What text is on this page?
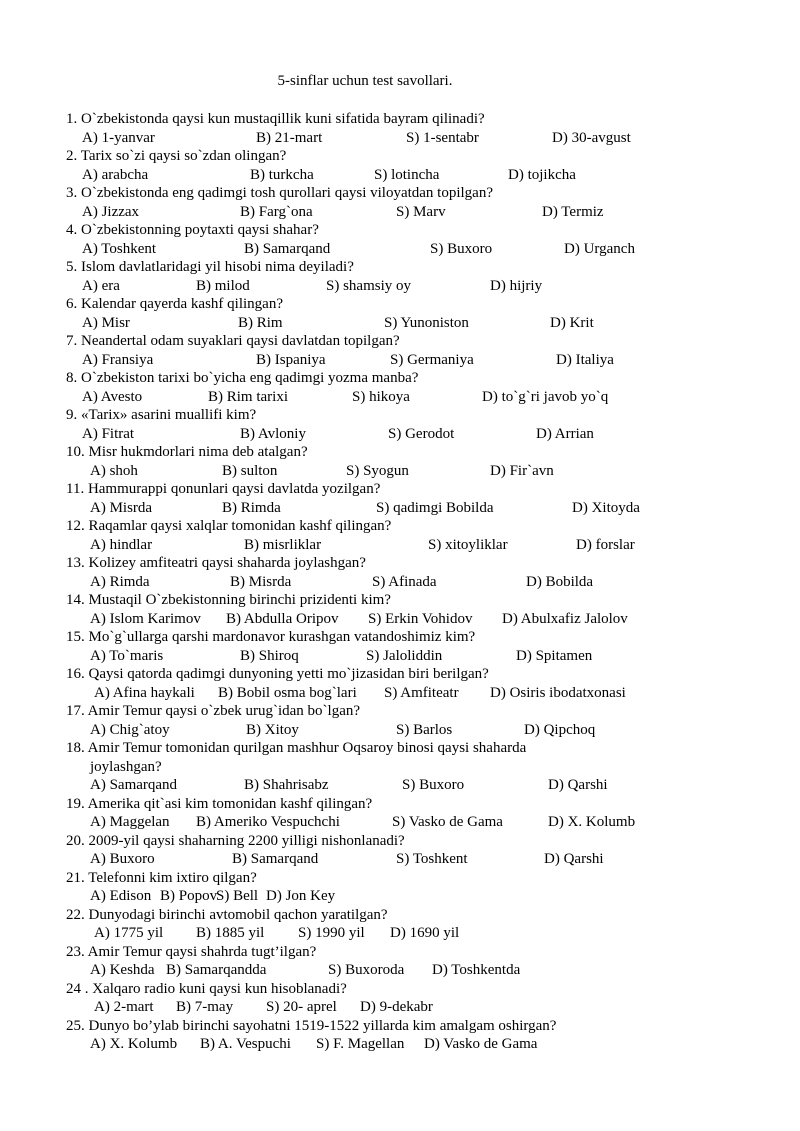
5-sinflar uchun test savollari.
1. O`zbekistonda qaysi kun mustaqillik kuni sifatida bayram qilinadi?
A) 1-yanvar	B) 21-mart	S) 1-sentabr	D) 30-avgust
2. Tarix so`zi qaysi so`zdan olingan?
A) arabcha	B) turkcha	S) lotincha	D) tojikcha
3. O`zbekistonda eng qadimgi tosh qurollari qaysi viloyatdan topilgan?
A) Jizzax	B) Farg`ona	S) Marv	D) Termiz
4. O`zbekistonning poytaxti qaysi shahar?
A) Toshkent	B) Samarqand	S) Buxoro	D) Urganch
5. Islom davlatlaridagi yil hisobi nima deyiladi?
A) era	B) milod	S) shamsiy oy	D) hijriy
6. Kalendar qayerda kashf qilingan?
A) Misr	B) Rim	S) Yunoniston	D) Krit
7. Neandertal odam suyaklari qaysi davlatdan topilgan?
A) Fransiya	B) Ispaniya	S) Germaniya	D) Italiya
8. O`zbekiston tarixi bo`yicha eng qadimgi yozma manba?
A) Avesto	B) Rim tarixi	S) hikoya	D) to`g`ri javob yo`q
9. «Tarix» asarini muallifi kim?
A) Fitrat	B) Avloniy	S) Gerodot	D) Arrian
10. Misr hukmdorlari nima deb atalgan?
A) shoh	B) sulton	S) Syogun	D) Fir`avn
11. Hammurappi qonunlari qaysi davlatda yozilgan?
A) Misrda	B) Rimda	S) qadimgi Bobilda	D) Xitoyda
12. Raqamlar qaysi xalqlar tomonidan kashf qilingan?
A) hindlar	B) misrliklar	S) xitoyliklar	D) forslar
13. Kolizey amfiteatri qaysi shaharda joylashgan?
A) Rimda	B) Misrda	S) Afinada	D) Bobilda
14. Mustaqil O`zbekistonning birinchi prizidenti kim?
A) Islom Karimov B) Abdulla Oripov S) Erkin Vohidov D) Abulxafiz Jalolov
15. Mo`g`ullarga qarshi mardonavor kurashgan vatandoshimiz kim?
A) To`maris	B) Shiroq	S) Jaloliddin	D) Spitamen
16. Qaysi qatorda qadimgi dunyoning yetti mo`jizasidan biri berilgan?
A) Afina haykali B) Bobil osma bog`lari S) Amfiteatr D) Osiris ibodatxonasi
17. Amir Temur qaysi o`zbek urug`idan bo`lgan?
A) Chig`atoy	B) Xitoy	S) Barlos	D) Qipchoq
18. Amir Temur tomonidan qurilgan mashhur Oqsaroy binosi qaysi shaharda
joylashgan?
A) Samarqand	B) Shahrisabz	S) Buxoro	D) Qarshi
19. Amerika qit`asi kim tomonidan kashf qilingan?
A) Maggelan B) Ameriko Vespuchchi	S) Vasko de Gama	D) X. Kolumb
20. 2009-yil qaysi shaharning 2200 yilligi nishonlanadi?
A) Buxoro	B) Samarqand	S) Toshkent	D) Qarshi
21. Telefonni kim ixtiro qilgan?
A) Edison B) Popov
S) Bell D) Jon Key
22. Dunyodagi birinchi avtomobil qachon yaratilgan?
A) 1775 yil B) 1885 yil S) 1990 yil D) 1690 yil
23. Amir Temur qaysi shahrda tugt’ilgan?
A) Keshda B) Samarqandda	S) Buxoroda D) Toshkentda
24 . Xalqaro radio kuni qaysi kun hisoblanadi?
A) 2-mart B) 7-may S) 20- aprel D) 9-dekabr
25. Dunyo bo’ylab birinchi sayohatni 1519-1522 yillarda kim amalgam oshirgan?
A) X. Kolumb B) A. Vespuchi S) F. Magellan D) Vasko de Gama
